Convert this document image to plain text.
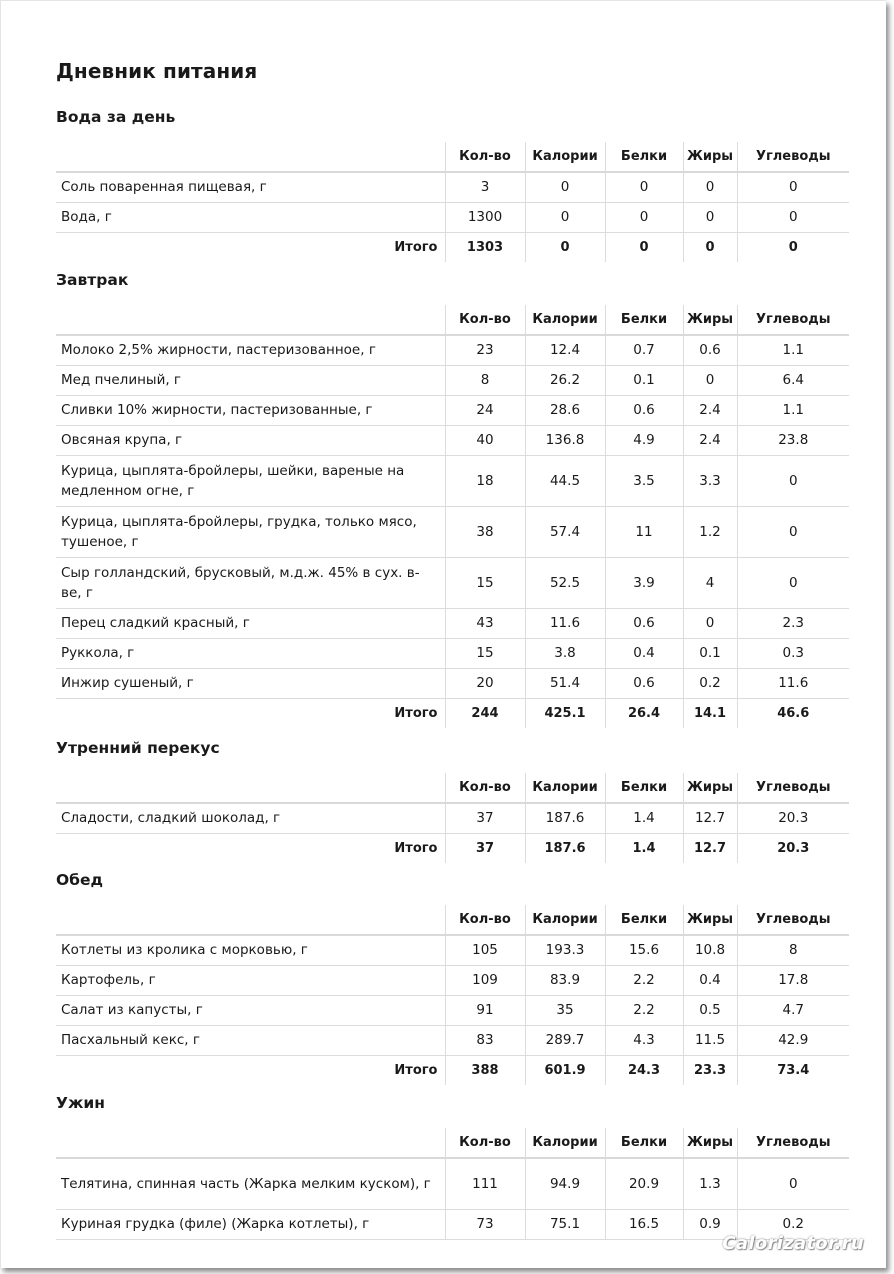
Дневник питания
Вода за день
	Кол-во	Калории	Белки	Жиры	Углеводы
Соль поваренная пищевая, г	3	0	0	0	0
Вода, г	1300	0	0	0	0
Итого	1303	0	0	0	0
Завтрак
	Кол-во	Калории	Белки	Жиры	Углеводы
Молоко 2,5% жирности, пастеризованное, г	23	12.4	0.7	0.6	1.1
Мед пчелиный, г	8	26.2	0.1	0	6.4
Сливки 10% жирности, пастеризованные, г	24	28.6	0.6	2.4	1.1
Овсяная крупа, г	40	136.8	4.9	2.4	23.8
Курица, цыплята-бройлеры, шейки, вареные на медленном огне, г	18	44.5	3.5	3.3	0
Курица, цыплята-бройлеры, грудка, только мясо, тушеное, г	38	57.4	11	1.2	0
Сыр голландский, брусковый, м.д.ж. 45% в сух. в-ве, г	15	52.5	3.9	4	0
Перец сладкий красный, г	43	11.6	0.6	0	2.3
Руккола, г	15	3.8	0.4	0.1	0.3
Инжир сушеный, г	20	51.4	0.6	0.2	11.6
Итого	244	425.1	26.4	14.1	46.6
Утренний перекус
	Кол-во	Калории	Белки	Жиры	Углеводы
Сладости, сладкий шоколад, г	37	187.6	1.4	12.7	20.3
Итого	37	187.6	1.4	12.7	20.3
Обед
	Кол-во	Калории	Белки	Жиры	Углеводы
Котлеты из кролика с морковью, г	105	193.3	15.6	10.8	8
Картофель, г	109	83.9	2.2	0.4	17.8
Салат из капусты, г	91	35	2.2	0.5	4.7
Пасхальный кекс, г	83	289.7	4.3	11.5	42.9
Итого	388	601.9	24.3	23.3	73.4
Ужин
	Кол-во	Калории	Белки	Жиры	Углеводы
Телятина, спинная часть (Жарка мелким куском), г	111	94.9	20.9	1.3	0
Куриная грудка (филе) (Жарка котлеты), г	73	75.1	16.5	0.9	0.2
Calorizator.ru
